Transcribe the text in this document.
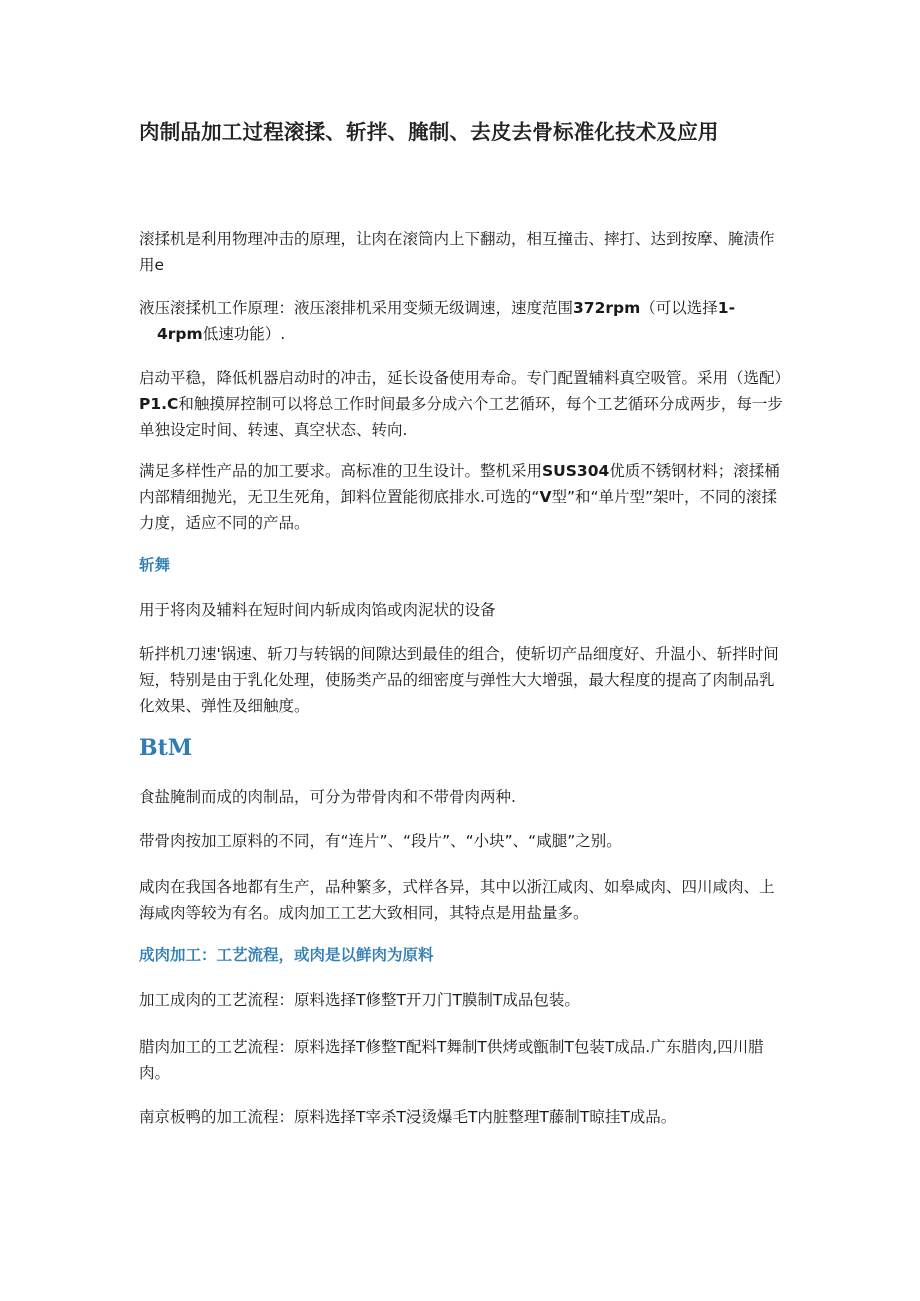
肉制品加工过程滚揉、斩拌、腌制、去皮去骨标准化技术及应用

滚揉机是利用物理冲击的原理，让肉在滚筒内上下翻动，相互撞击、摔打、达到按摩、腌渍作用e

液压滚揉机工作原理：液压滚排机采用变频无级调速，速度范围372rpm（可以选择1-
4rpm低速功能）.

启动平稳，降低机器启动时的冲击，延长设备使用寿命。专门配置辅料真空吸管。采用（选配）P1.C和触摸屏控制可以将总工作时间最多分成六个工艺循环，每个工艺循环分成两步，每一步单独设定时间、转速、真空状态、转向.

满足多样性产品的加工要求。高标准的卫生设计。整机采用SUS304优质不锈钢材料；滚揉桶内部精细抛光，无卫生死角，卸料位置能彻底排水.可选的“V型”和“单片型”架叶，不同的滚揉力度，适应不同的产品。

斩舞

用于将肉及辅料在短时间内斩成肉馅或肉泥状的设备

斩拌机刀速'锅速、斩刀与转锅的间隙达到最佳的组合，使斩切产品细度好、升温小、斩拌时间短，特别是由于乳化处理，使肠类产品的细密度与弹性大大增强，最大程度的提高了肉制品乳化效果、弹性及细触度。

BtM

食盐腌制而成的肉制品，可分为带骨肉和不带骨肉两种.

带骨肉按加工原料的不同，有“连片”、“段片”、“小块”、“咸腿”之别。

咸肉在我国各地都有生产，品种繁多，式样各异，其中以浙江咸肉、如皋咸肉、四川咸肉、上海咸肉等较为有名。成肉加工工艺大致相同，其特点是用盐量多。

成肉加工：工艺流程，或肉是以鲜肉为原料

加工成肉的工艺流程：原料选择T修整T开刀门T膜制T成品包装。

腊肉加工的工艺流程：原料选择T修整T配料T舞制T供烤或甑制T包装T成品.广东腊肉,四川腊肉。

南京板鸭的加工流程：原料选择T宰杀T浸烫爆毛T内脏整理T藤制T晾挂T成品。
